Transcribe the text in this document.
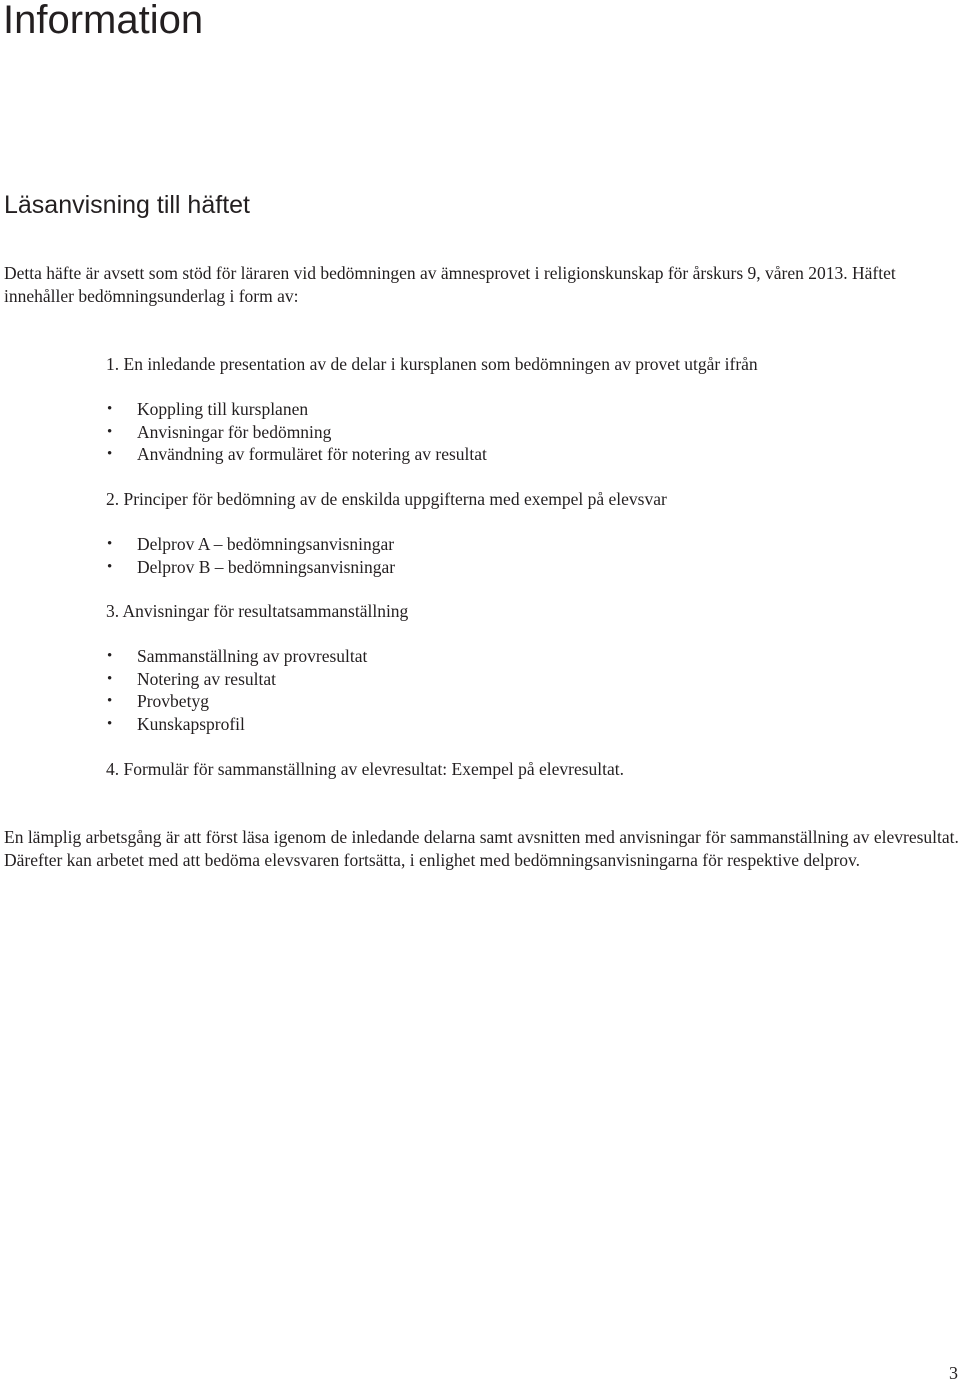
Information
Läsanvisning till häftet

Detta häfte är avsett som stöd för läraren vid bedömningen av ämnesprovet i religionskunskap för årskurs 9, våren 2013. Häftet innehåller bedömningsunderlag i form av:

1. En inledande presentation av de delar i kursplanen som bedömningen av provet utgår ifrån

• Koppling till kursplanen
• Anvisningar för bedömning
• Användning av formuläret för notering av resultat

2. Principer för bedömning av de enskilda uppgifterna med exempel på elevsvar

• Delprov A – bedömningsanvisningar
• Delprov B – bedömningsanvisningar

3. Anvisningar för resultatsammanställning

• Sammanställning av provresultat
• Notering av resultat
• Provbetyg
• Kunskapsprofil

4. Formulär för sammanställning av elevresultat: Exempel på elevresultat.

En lämplig arbetsgång är att först läsa igenom de inledande delarna samt avsnitten med anvisningar för sammanställning av elevresultat. Därefter kan arbetet med att bedöma elevsvaren fortsätta, i enlighet med bedömningsanvisningarna för respektive delprov.

3
